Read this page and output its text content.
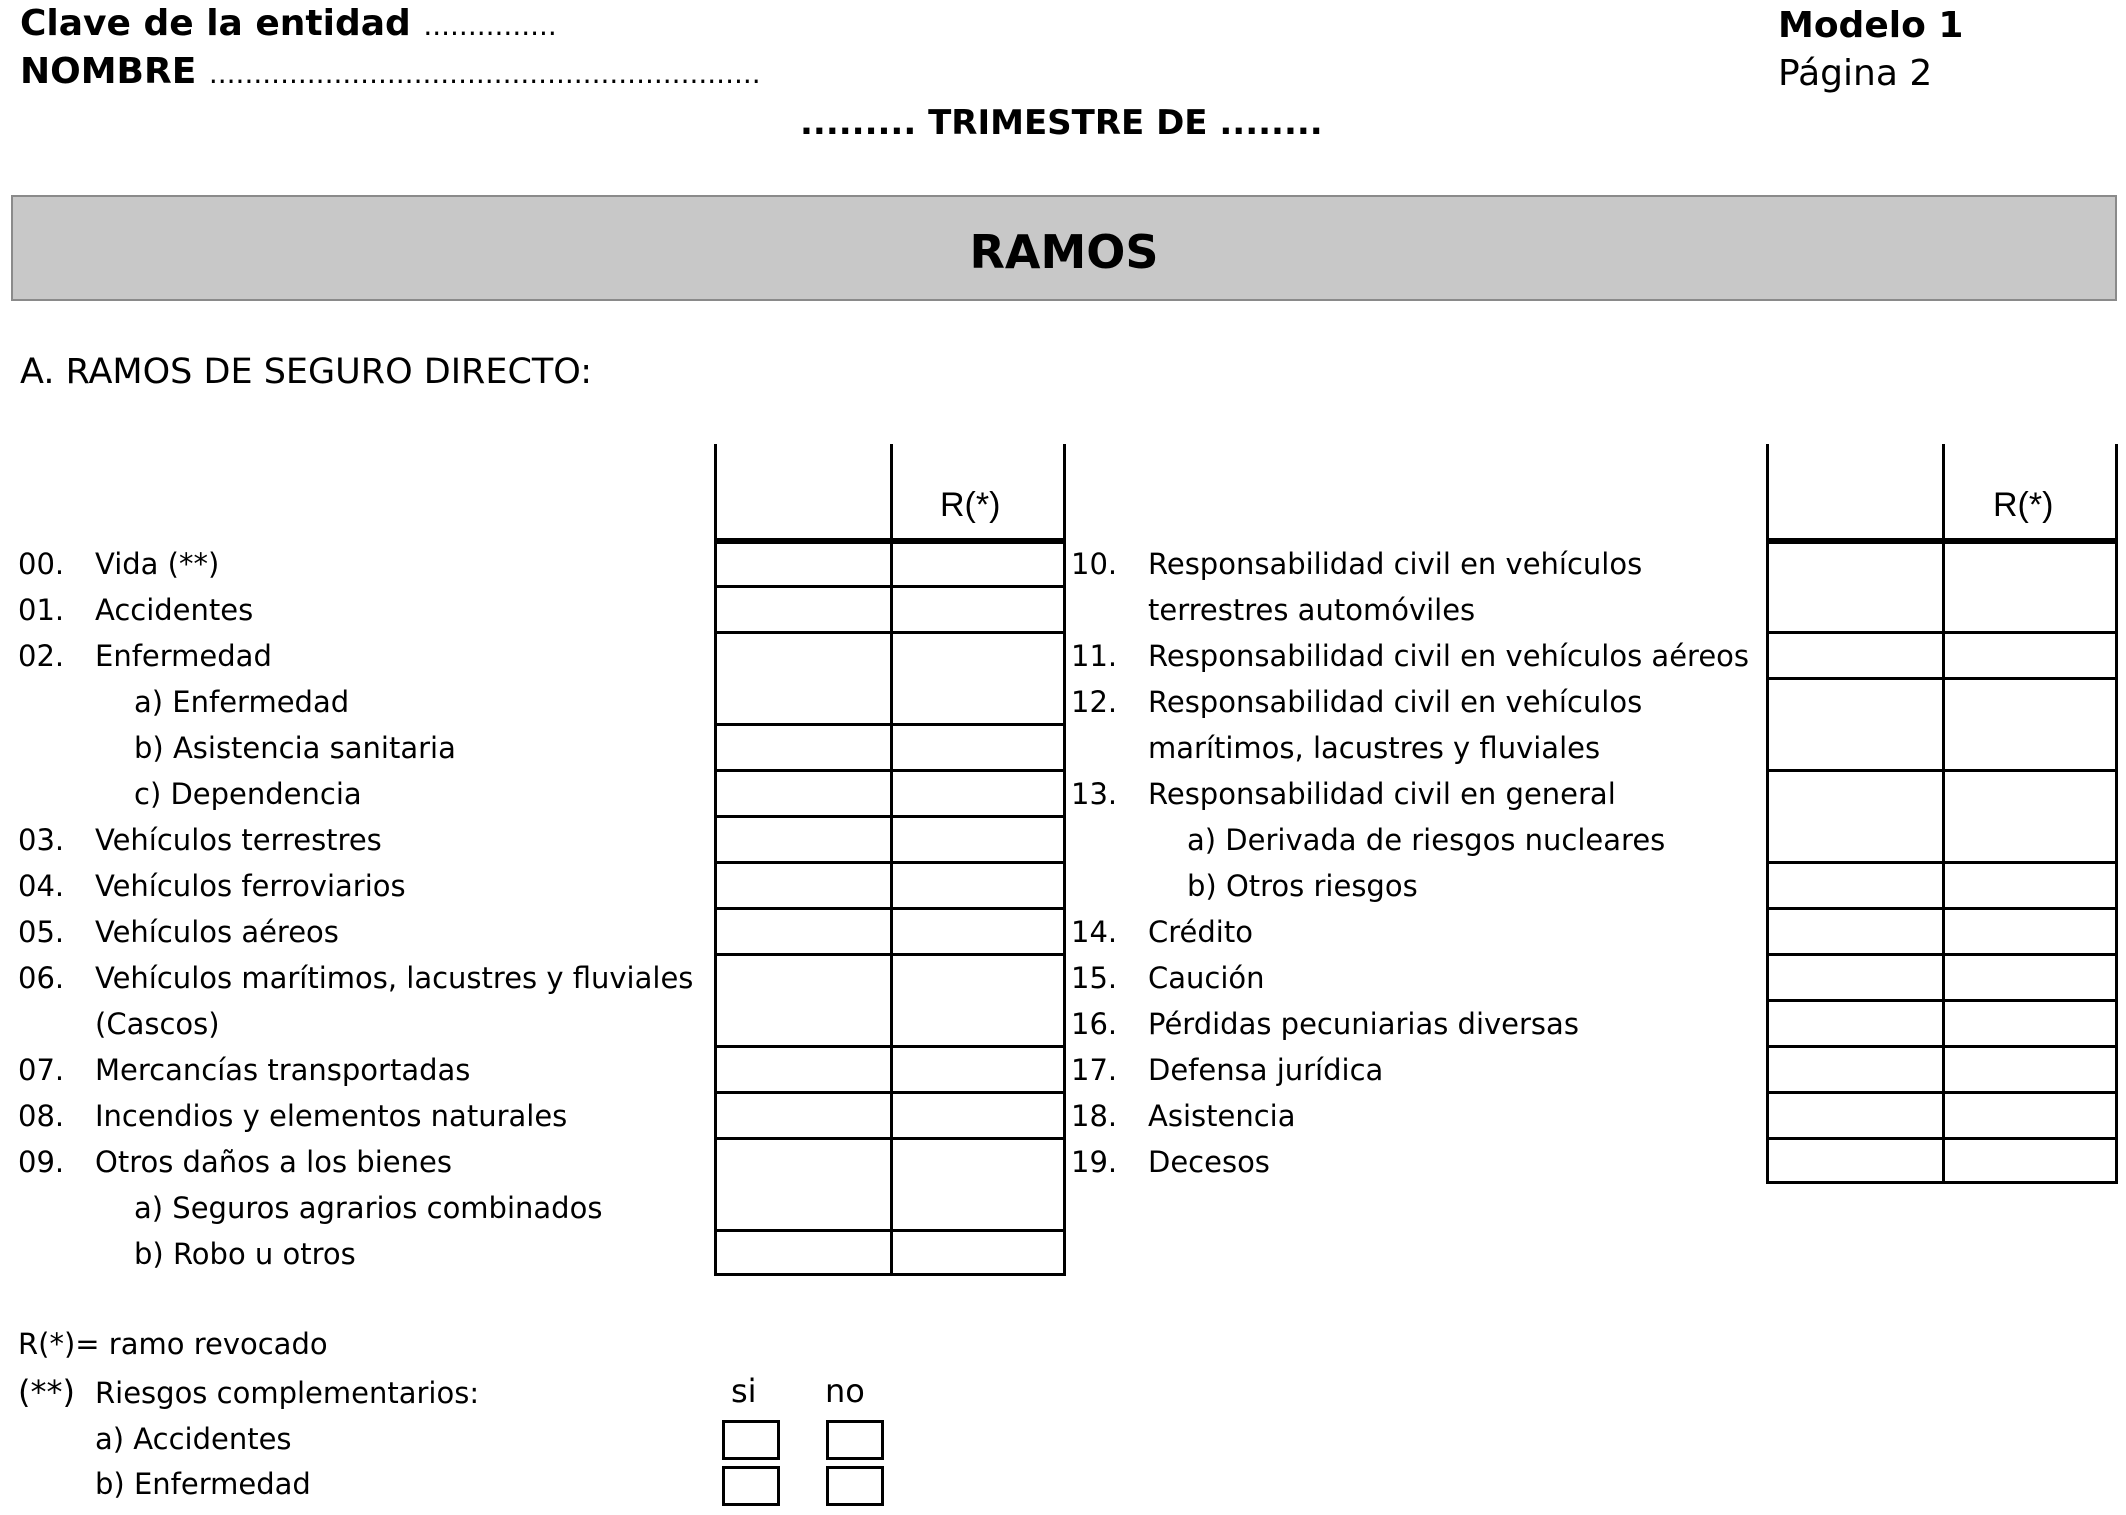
Clave de la entidad ...............
NOMBRE ..............................................................
......... TRIMESTRE DE ........
Modelo 1
Página 2
RAMOS
A. RAMOS DE SEGURO DIRECTO:
00. Vida (**)
01. Accidentes
02. Enfermedad
a) Enfermedad
b) Asistencia sanitaria
c) Dependencia
03. Vehículos terrestres
04. Vehículos ferroviarios
05. Vehículos aéreos
06. Vehículos marítimos, lacustres y fluviales
(Cascos)
07. Mercancías transportadas
08. Incendios y elementos naturales
09. Otros daños a los bienes
a) Seguros agrarios combinados
b) Robo u otros
10. Responsabilidad civil en vehículos
terrestres automóviles
11. Responsabilidad civil en vehículos aéreos
12. Responsabilidad civil en vehículos
marítimos, lacustres y fluviales
13. Responsabilidad civil en general
a) Derivada de riesgos nucleares
b) Otros riesgos
14. Crédito
15. Caución
16. Pérdidas pecuniarias diversas
17. Defensa jurídica
18. Asistencia
19. Decesos
R(*)	R(*)
R(*)= ramo revocado
(**) Riesgos complementarios:	si no
a) Accidentes
b) Enfermedad
